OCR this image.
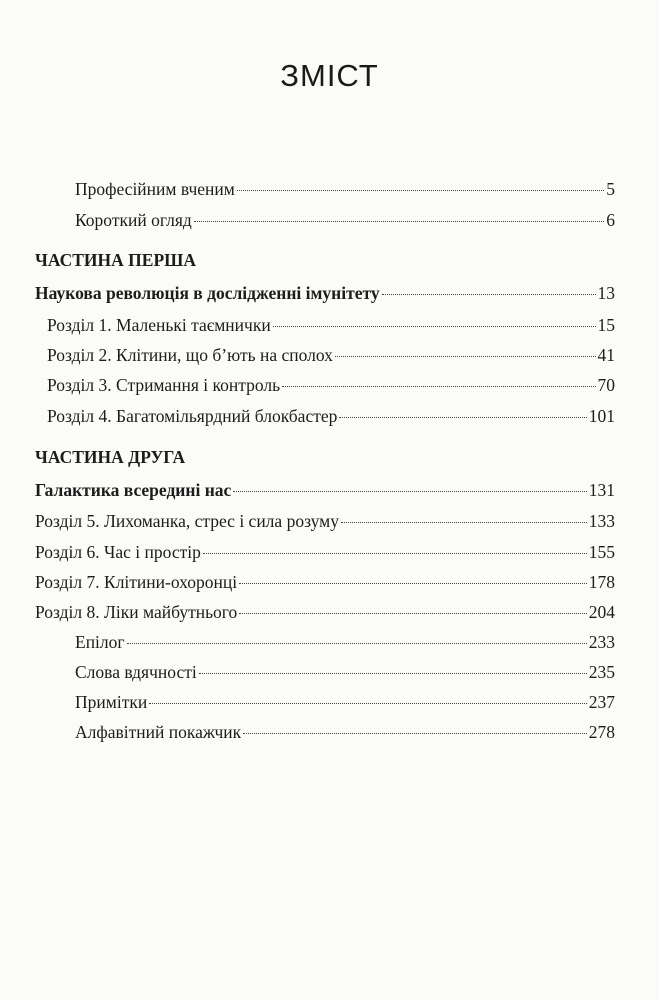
ЗМІСТ
Професійним вченим	5
Короткий огляд	6
ЧАСТИНА ПЕРША
Наукова революція в дослідженні імунітету	13
Розділ 1. Маленькі таємнички	15
Розділ 2. Клітини, що б’ють на сполох	41
Розділ 3. Стримання і контроль	70
Розділ 4. Багатомільярдний блокбастер	101
ЧАСТИНА ДРУГА
Галактика всередині нас	131
Розділ 5. Лихоманка, стрес і сила розуму	133
Розділ 6. Час і простір	155
Розділ 7. Клітини-охоронці	178
Розділ 8. Ліки майбутнього	204
Епілог	233
Слова вдячності	235
Примітки	237
Алфавітний покажчик	278
